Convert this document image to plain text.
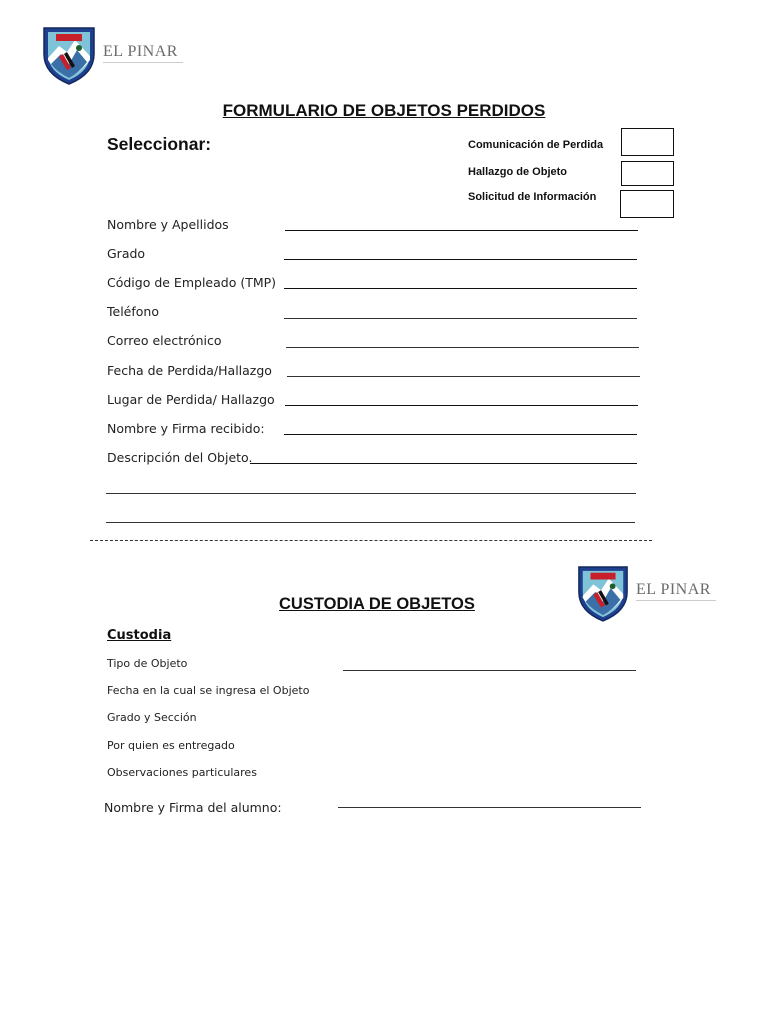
EL PINAR
FORMULARIO DE OBJETOS PERDIDOS
Seleccionar:	Comunicación de Perdida
Hallazgo de Objeto
Solicitud de Información
Nombre y Apellidos
Grado
Código de Empleado (TMP)
Teléfono
Correo electrónico
Fecha de Perdida/Hallazgo
Lugar de Perdida/ Hallazgo
Nombre y Firma recibido:
Descripción del Objeto.
EL PINAR
CUSTODIA DE OBJETOS
Custodia
Tipo de Objeto
Fecha en la cual se ingresa el Objeto
Grado y Sección
Por quien es entregado
Observaciones particulares
Nombre y Firma del alumno:
